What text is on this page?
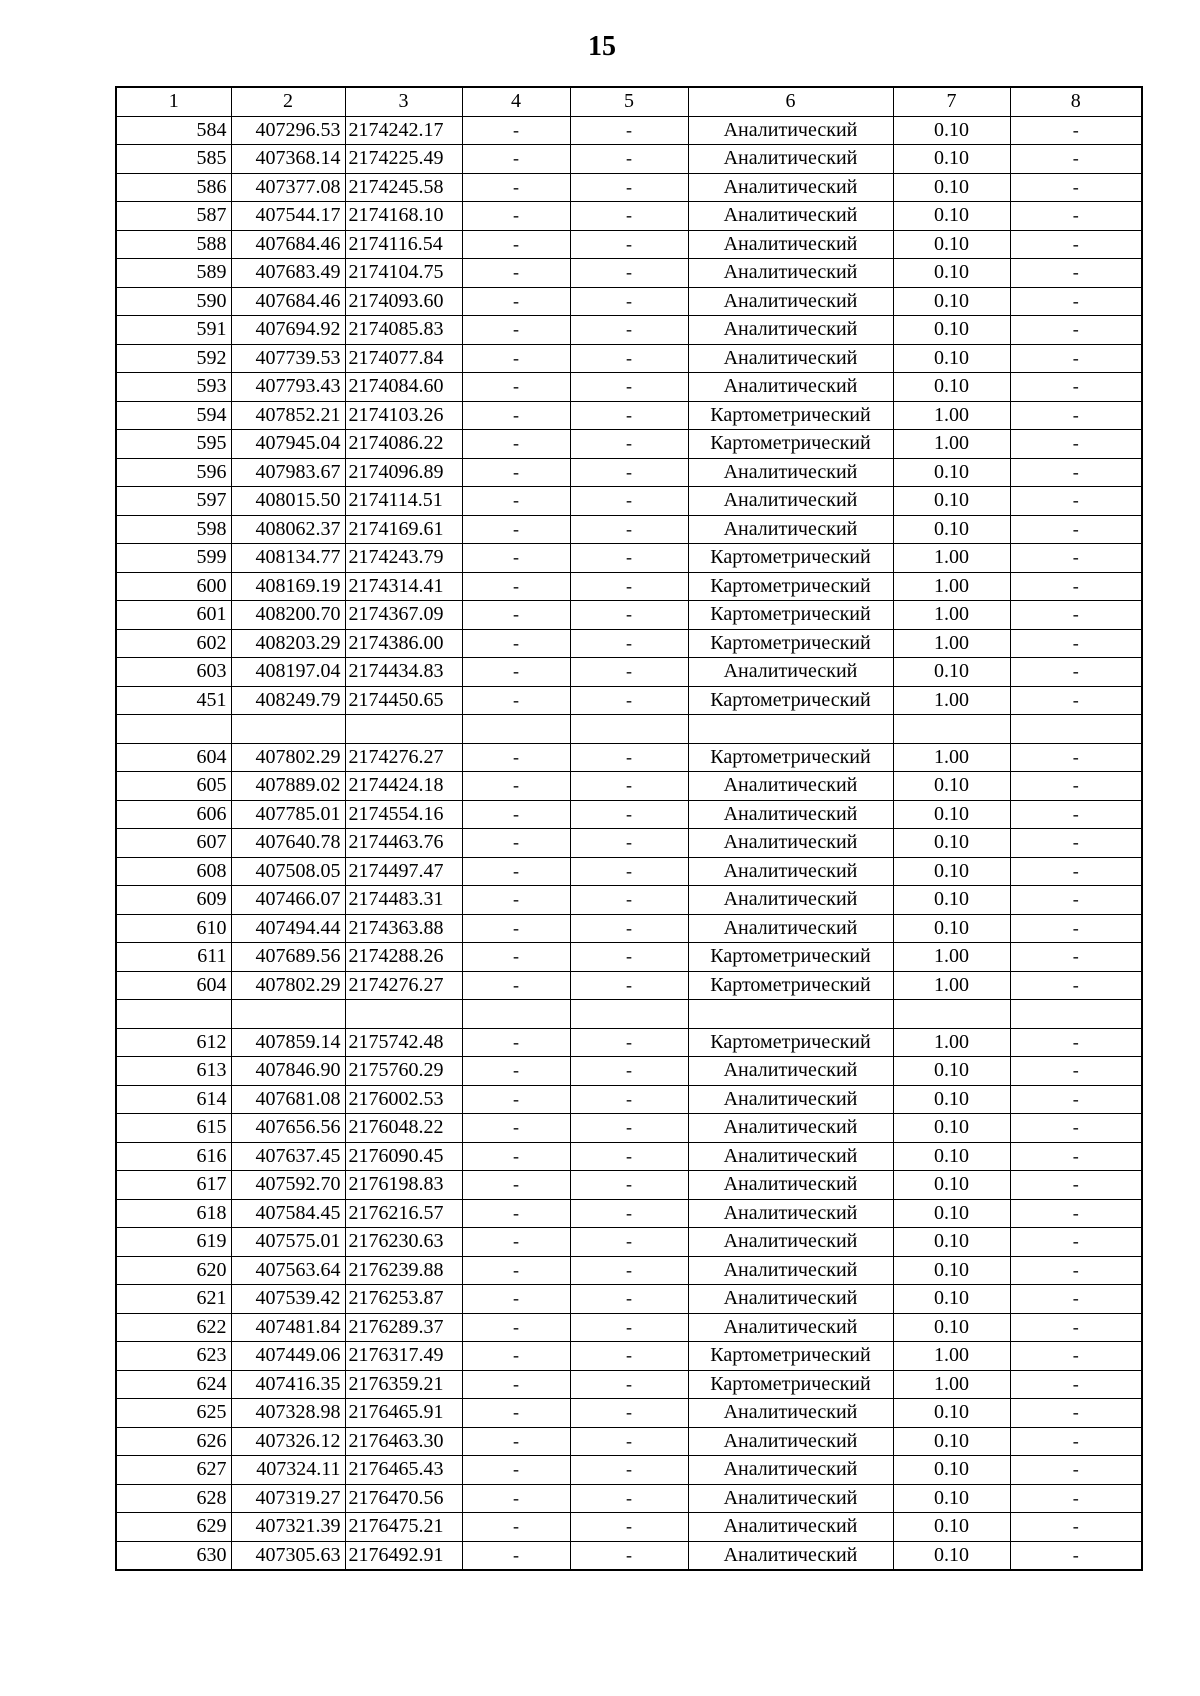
15
1	2	3	4	5	6	7	8
584	407296.53	2174242.17	-	-	Аналитический	0.10	-
585	407368.14	2174225.49	-	-	Аналитический	0.10	-
586	407377.08	2174245.58	-	-	Аналитический	0.10	-
587	407544.17	2174168.10	-	-	Аналитический	0.10	-
588	407684.46	2174116.54	-	-	Аналитический	0.10	-
589	407683.49	2174104.75	-	-	Аналитический	0.10	-
590	407684.46	2174093.60	-	-	Аналитический	0.10	-
591	407694.92	2174085.83	-	-	Аналитический	0.10	-
592	407739.53	2174077.84	-	-	Аналитический	0.10	-
593	407793.43	2174084.60	-	-	Аналитический	0.10	-
594	407852.21	2174103.26	-	-	Картометрический	1.00	-
595	407945.04	2174086.22	-	-	Картометрический	1.00	-
596	407983.67	2174096.89	-	-	Аналитический	0.10	-
597	408015.50	2174114.51	-	-	Аналитический	0.10	-
598	408062.37	2174169.61	-	-	Аналитический	0.10	-
599	408134.77	2174243.79	-	-	Картометрический	1.00	-
600	408169.19	2174314.41	-	-	Картометрический	1.00	-
601	408200.70	2174367.09	-	-	Картометрический	1.00	-
602	408203.29	2174386.00	-	-	Картометрический	1.00	-
603	408197.04	2174434.83	-	-	Аналитический	0.10	-
451	408249.79	2174450.65	-	-	Картометрический	1.00	-

604	407802.29	2174276.27	-	-	Картометрический	1.00	-
605	407889.02	2174424.18	-	-	Аналитический	0.10	-
606	407785.01	2174554.16	-	-	Аналитический	0.10	-
607	407640.78	2174463.76	-	-	Аналитический	0.10	-
608	407508.05	2174497.47	-	-	Аналитический	0.10	-
609	407466.07	2174483.31	-	-	Аналитический	0.10	-
610	407494.44	2174363.88	-	-	Аналитический	0.10	-
611	407689.56	2174288.26	-	-	Картометрический	1.00	-
604	407802.29	2174276.27	-	-	Картометрический	1.00	-

612	407859.14	2175742.48	-	-	Картометрический	1.00	-
613	407846.90	2175760.29	-	-	Аналитический	0.10	-
614	407681.08	2176002.53	-	-	Аналитический	0.10	-
615	407656.56	2176048.22	-	-	Аналитический	0.10	-
616	407637.45	2176090.45	-	-	Аналитический	0.10	-
617	407592.70	2176198.83	-	-	Аналитический	0.10	-
618	407584.45	2176216.57	-	-	Аналитический	0.10	-
619	407575.01	2176230.63	-	-	Аналитический	0.10	-
620	407563.64	2176239.88	-	-	Аналитический	0.10	-
621	407539.42	2176253.87	-	-	Аналитический	0.10	-
622	407481.84	2176289.37	-	-	Аналитический	0.10	-
623	407449.06	2176317.49	-	-	Картометрический	1.00	-
624	407416.35	2176359.21	-	-	Картометрический	1.00	-
625	407328.98	2176465.91	-	-	Аналитический	0.10	-
626	407326.12	2176463.30	-	-	Аналитический	0.10	-
627	407324.11	2176465.43	-	-	Аналитический	0.10	-
628	407319.27	2176470.56	-	-	Аналитический	0.10	-
629	407321.39	2176475.21	-	-	Аналитический	0.10	-
630	407305.63	2176492.91	-	-	Аналитический	0.10	-
